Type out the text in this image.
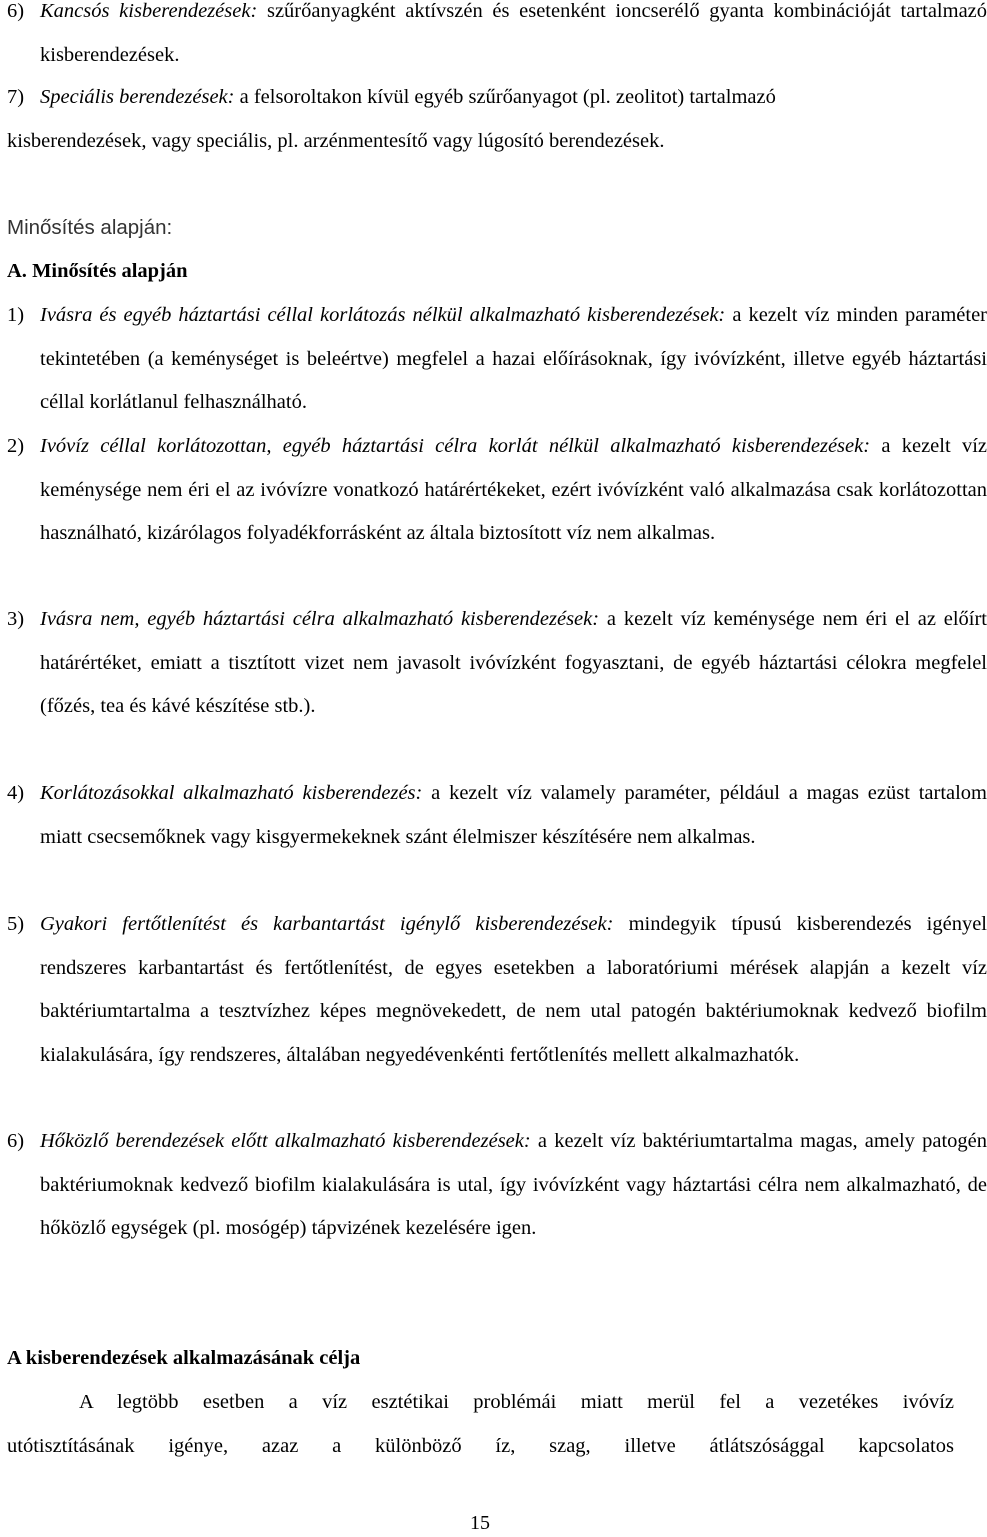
6) Kancsós kisberendezések: szűrőanyagként aktívszén és esetenként ioncserélő gyanta kombinációját tartalmazó kisberendezések.
7) Speciális berendezések: a felsoroltakon kívül egyéb szűrőanyagot (pl. zeolitot) tartalmazó
kisberendezések, vagy speciális, pl. arzénmentesítő vagy lúgosító berendezések.
Minősítés alapján:
A. Minősítés alapján
1) Ivásra és egyéb háztartási céllal korlátozás nélkül alkalmazható kisberendezések: a kezelt víz minden paraméter tekintetében (a keménységet is beleértve) megfelel a hazai előírásoknak, így ivóvízként, illetve egyéb háztartási céllal korlátlanul felhasználható.
2) Ivóvíz céllal korlátozottan, egyéb háztartási célra korlát nélkül alkalmazható kisberendezések: a kezelt víz keménysége nem éri el az ivóvízre vonatkozó határértékeket, ezért ivóvízként való alkalmazása csak korlátozottan használható, kizárólagos folyadékforrásként az általa biztosított víz nem alkalmas.
3) Ivásra nem, egyéb háztartási célra alkalmazható kisberendezések: a kezelt víz keménysége nem éri el az előírt határértéket, emiatt a tisztított vizet nem javasolt ivóvízként fogyasztani, de egyéb háztartási célokra megfelel (főzés, tea és kávé készítése stb.).
4) Korlátozásokkal alkalmazható kisberendezés: a kezelt víz valamely paraméter, például a magas ezüst tartalom miatt csecsemőknek vagy kisgyermekeknek szánt élelmiszer készítésére nem alkalmas.
5) Gyakori fertőtlenítést és karbantartást igénylő kisberendezések: mindegyik típusú kisberendezés igényel rendszeres karbantartást és fertőtlenítést, de egyes esetekben a laboratóriumi mérések alapján a kezelt víz baktériumtartalma a tesztvízhez képes megnövekedett, de nem utal patogén baktériumoknak kedvező biofilm kialakulására, így rendszeres, általában negyedévenkénti fertőtlenítés mellett alkalmazhatók.
6) Hőközlő berendezések előtt alkalmazható kisberendezések: a kezelt víz baktériumtartalma magas, amely patogén baktériumoknak kedvező biofilm kialakulására is utal, így ivóvízként vagy háztartási célra nem alkalmazható, de hőközlő egységek (pl. mosógép) tápvizének kezelésére igen.
A kisberendezések alkalmazásának célja
A legtöbb esetben a víz esztétikai problémái miatt merül fel a vezetékes ivóvíz
utótisztításának igénye, azaz a különböző íz, szag, illetve átlátszósággal kapcsolatos
15
